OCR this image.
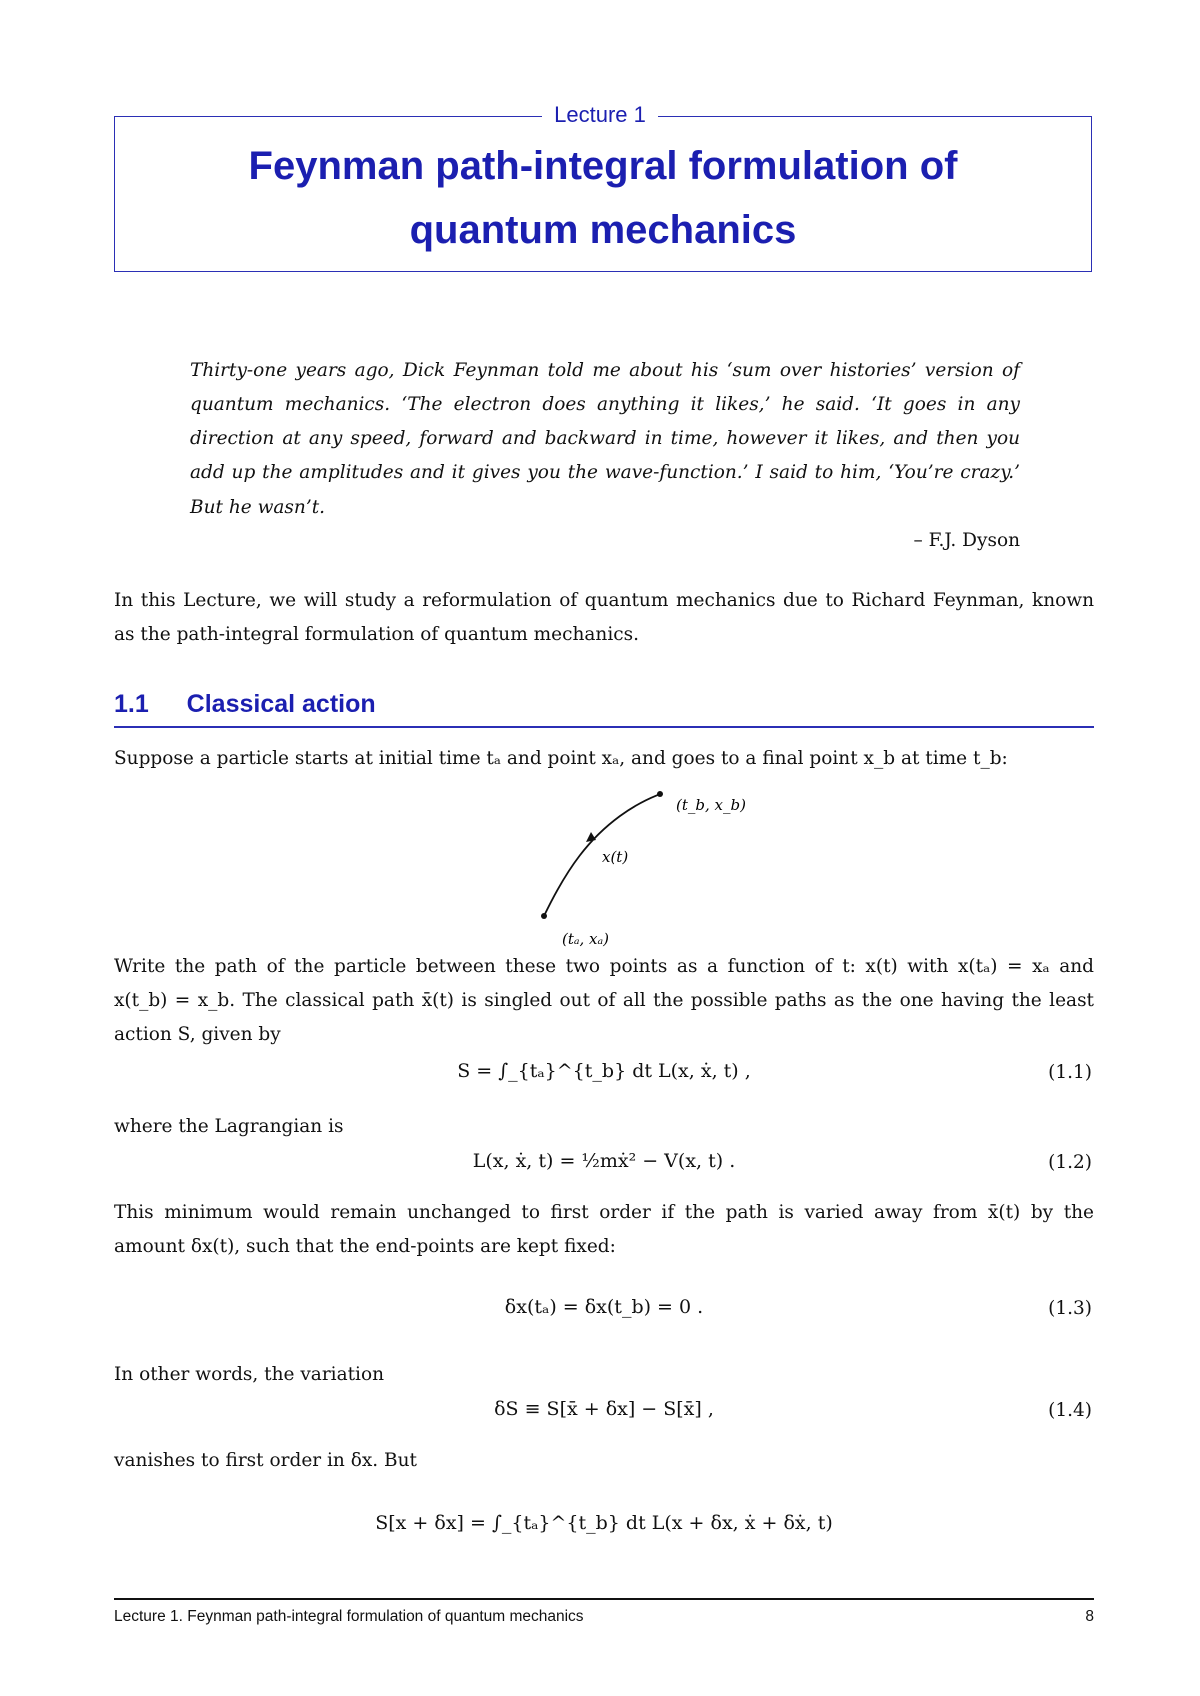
Lecture 1
Feynman path-integral formulation of
quantum mechanics
Thirty-one years ago, Dick Feynman told me about his ‘sum over histories’ version of
quantum mechanics. ‘The electron does anything it likes,’ he said. ‘It goes in any
direction at any speed, forward and backward in time, however it likes, and then you
add up the amplitudes and it gives you the wave-function.’ I said to him, ‘You’re crazy.’
But he wasn’t.
– F.J. Dyson
In this Lecture, we will study a reformulation of quantum mechanics due to Richard Feynman, known
as the path-integral formulation of quantum mechanics.
1.1 Classical action
Suppose a particle starts at initial time tₐ and point xₐ, and goes to a final point x_b at time t_b:
(t_b, x_b)
x(t)
(tₐ, xₐ)
Write the path of the particle between these two points as a function of t: x(t) with x(tₐ) = xₐ and
x(t_b) = x_b. The classical path x̄(t) is singled out of all the possible paths as the one having the least
action S, given by
S = ∫_{tₐ}^{t_b} dt L(x, ẋ, t) ,	(1.1)
where the Lagrangian is
L(x, ẋ, t) = ½mẋ² − V(x, t) .	(1.2)
This minimum would remain unchanged to first order if the path is varied away from x̄(t) by the
amount δx(t), such that the end-points are kept fixed:
δx(tₐ) = δx(t_b) = 0 .	(1.3)
In other words, the variation
δS ≡ S[x̄ + δx] − S[x̄] ,	(1.4)
vanishes to first order in δx. But
S[x + δx] = ∫_{tₐ}^{t_b} dt L(x + δx, ẋ + δẋ, t)
Lecture 1. Feynman path-integral formulation of quantum mechanics	8
